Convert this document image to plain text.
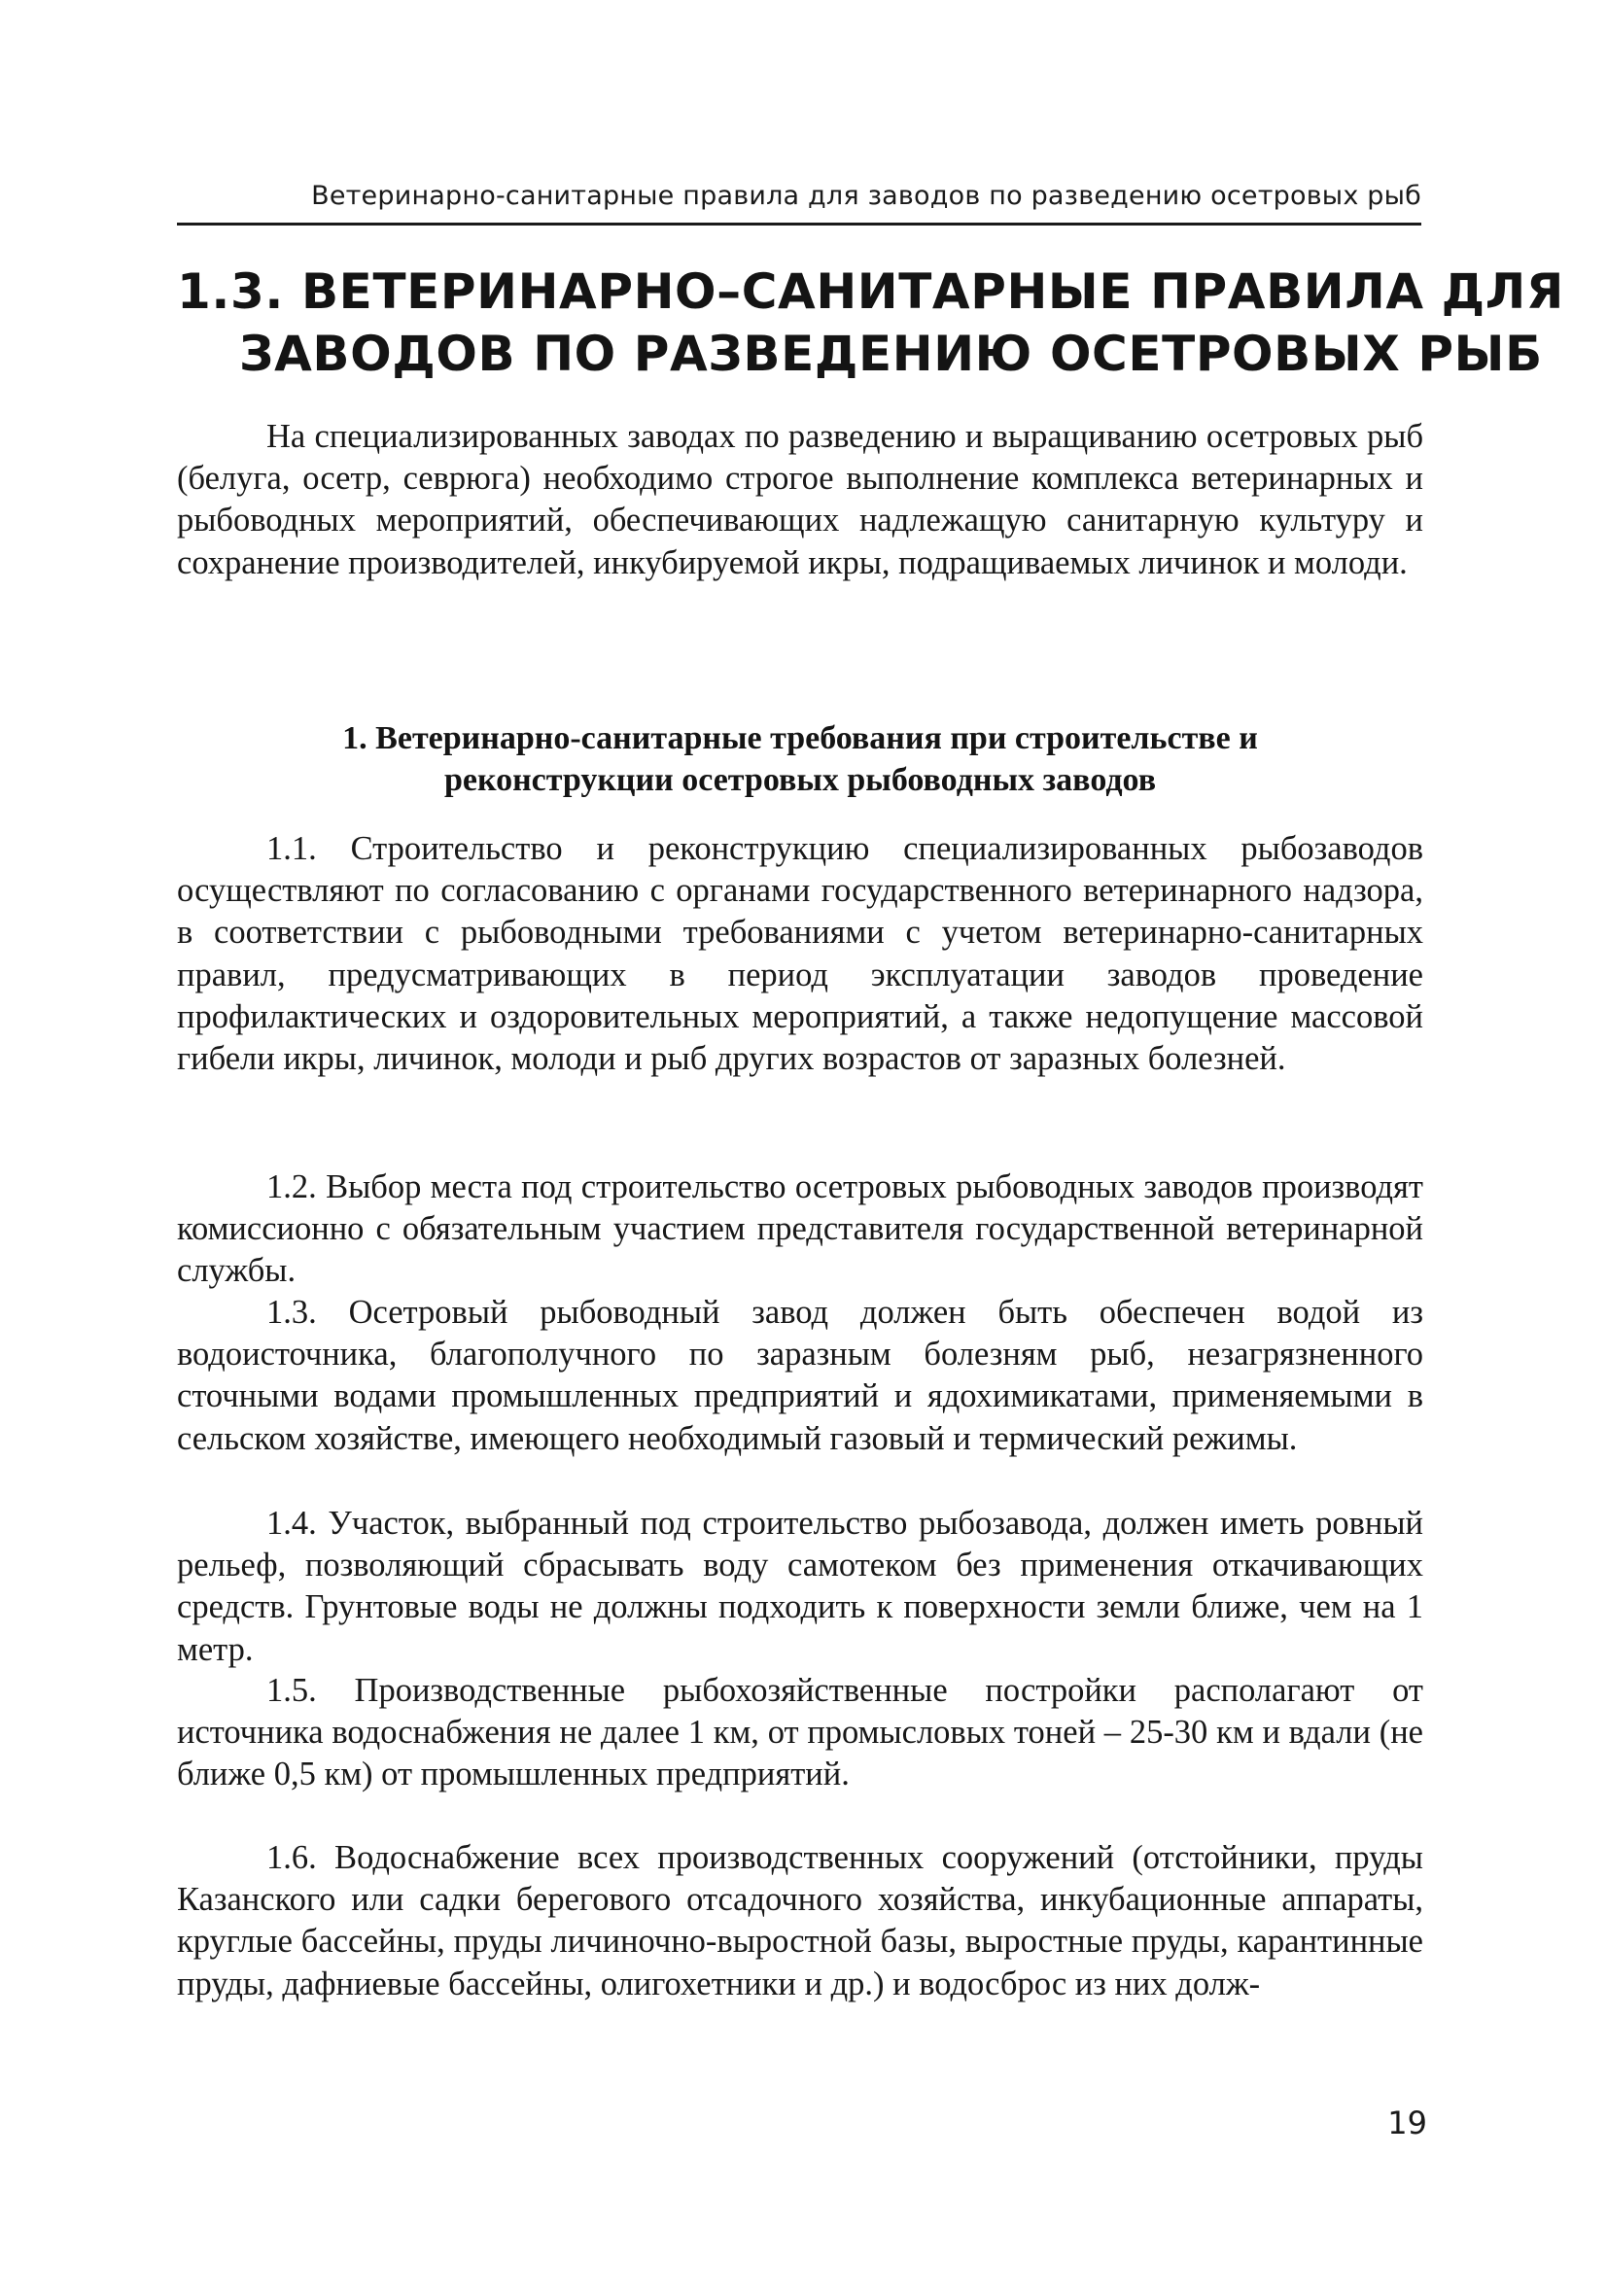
Ветеринарно-санитарные правила для заводов по разведению осетровых рыб
1.3. ВЕТЕРИНАРНО–САНИТАРНЫЕ ПРАВИЛА ДЛЯ
ЗАВОДОВ ПО РАЗВЕДЕНИЮ ОСЕТРОВЫХ РЫБ

На специализированных заводах по разведению и выращиванию осетровых рыб (белуга, осетр, севрюга) необходимо строгое выполнение комплекса ветеринарных и рыбоводных мероприятий, обеспечивающих надлежащую санитарную культуру и сохранение производителей, инкубируемой икры, подращиваемых личинок и молоди.

1. Ветеринарно-санитарные требования при строительстве и
реконструкции осетровых рыбоводных заводов

1.1. Строительство и реконструкцию специализированных рыбозаводов осуществляют по согласованию с органами государственного ветеринарного надзора, в соответствии с рыбоводными требованиями с учетом ветеринарно-санитарных правил, предусматривающих в период эксплуатации заводов проведение профилактических и оздоровительных мероприятий, а также недопущение массовой гибели икры, личинок, молоди и рыб других возрастов от заразных болезней.

1.2. Выбор места под строительство осетровых рыбоводных заводов производят комиссионно с обязательным участием представителя государственной ветеринарной службы.

1.3. Осетровый рыбоводный завод должен быть обеспечен водой из водоисточника, благополучного по заразным болезням рыб, незагрязненного сточными водами промышленных предприятий и ядохимикатами, применяемыми в сельском хозяйстве, имеющего необходимый газовый и термический режимы.

1.4. Участок, выбранный под строительство рыбозавода, должен иметь ровный рельеф, позволяющий сбрасывать воду самотеком без применения откачивающих средств. Грунтовые воды не должны подходить к поверхности земли ближе, чем на 1 метр.

1.5. Производственные рыбохозяйственные постройки располагают от источника водоснабжения не далее 1 км, от промысловых тоней – 25-30 км и вдали (не ближе 0,5 км) от промышленных предприятий.

1.6. Водоснабжение всех производственных сооружений (отстойники, пруды Казанского или садки берегового отсадочного хозяйства, инкубационные аппараты, круглые бассейны, пруды личиночно-выростной базы, выростные пруды, карантинные пруды, дафниевые бассейны, олигохетники и др.) и водосброс из них долж-

19
